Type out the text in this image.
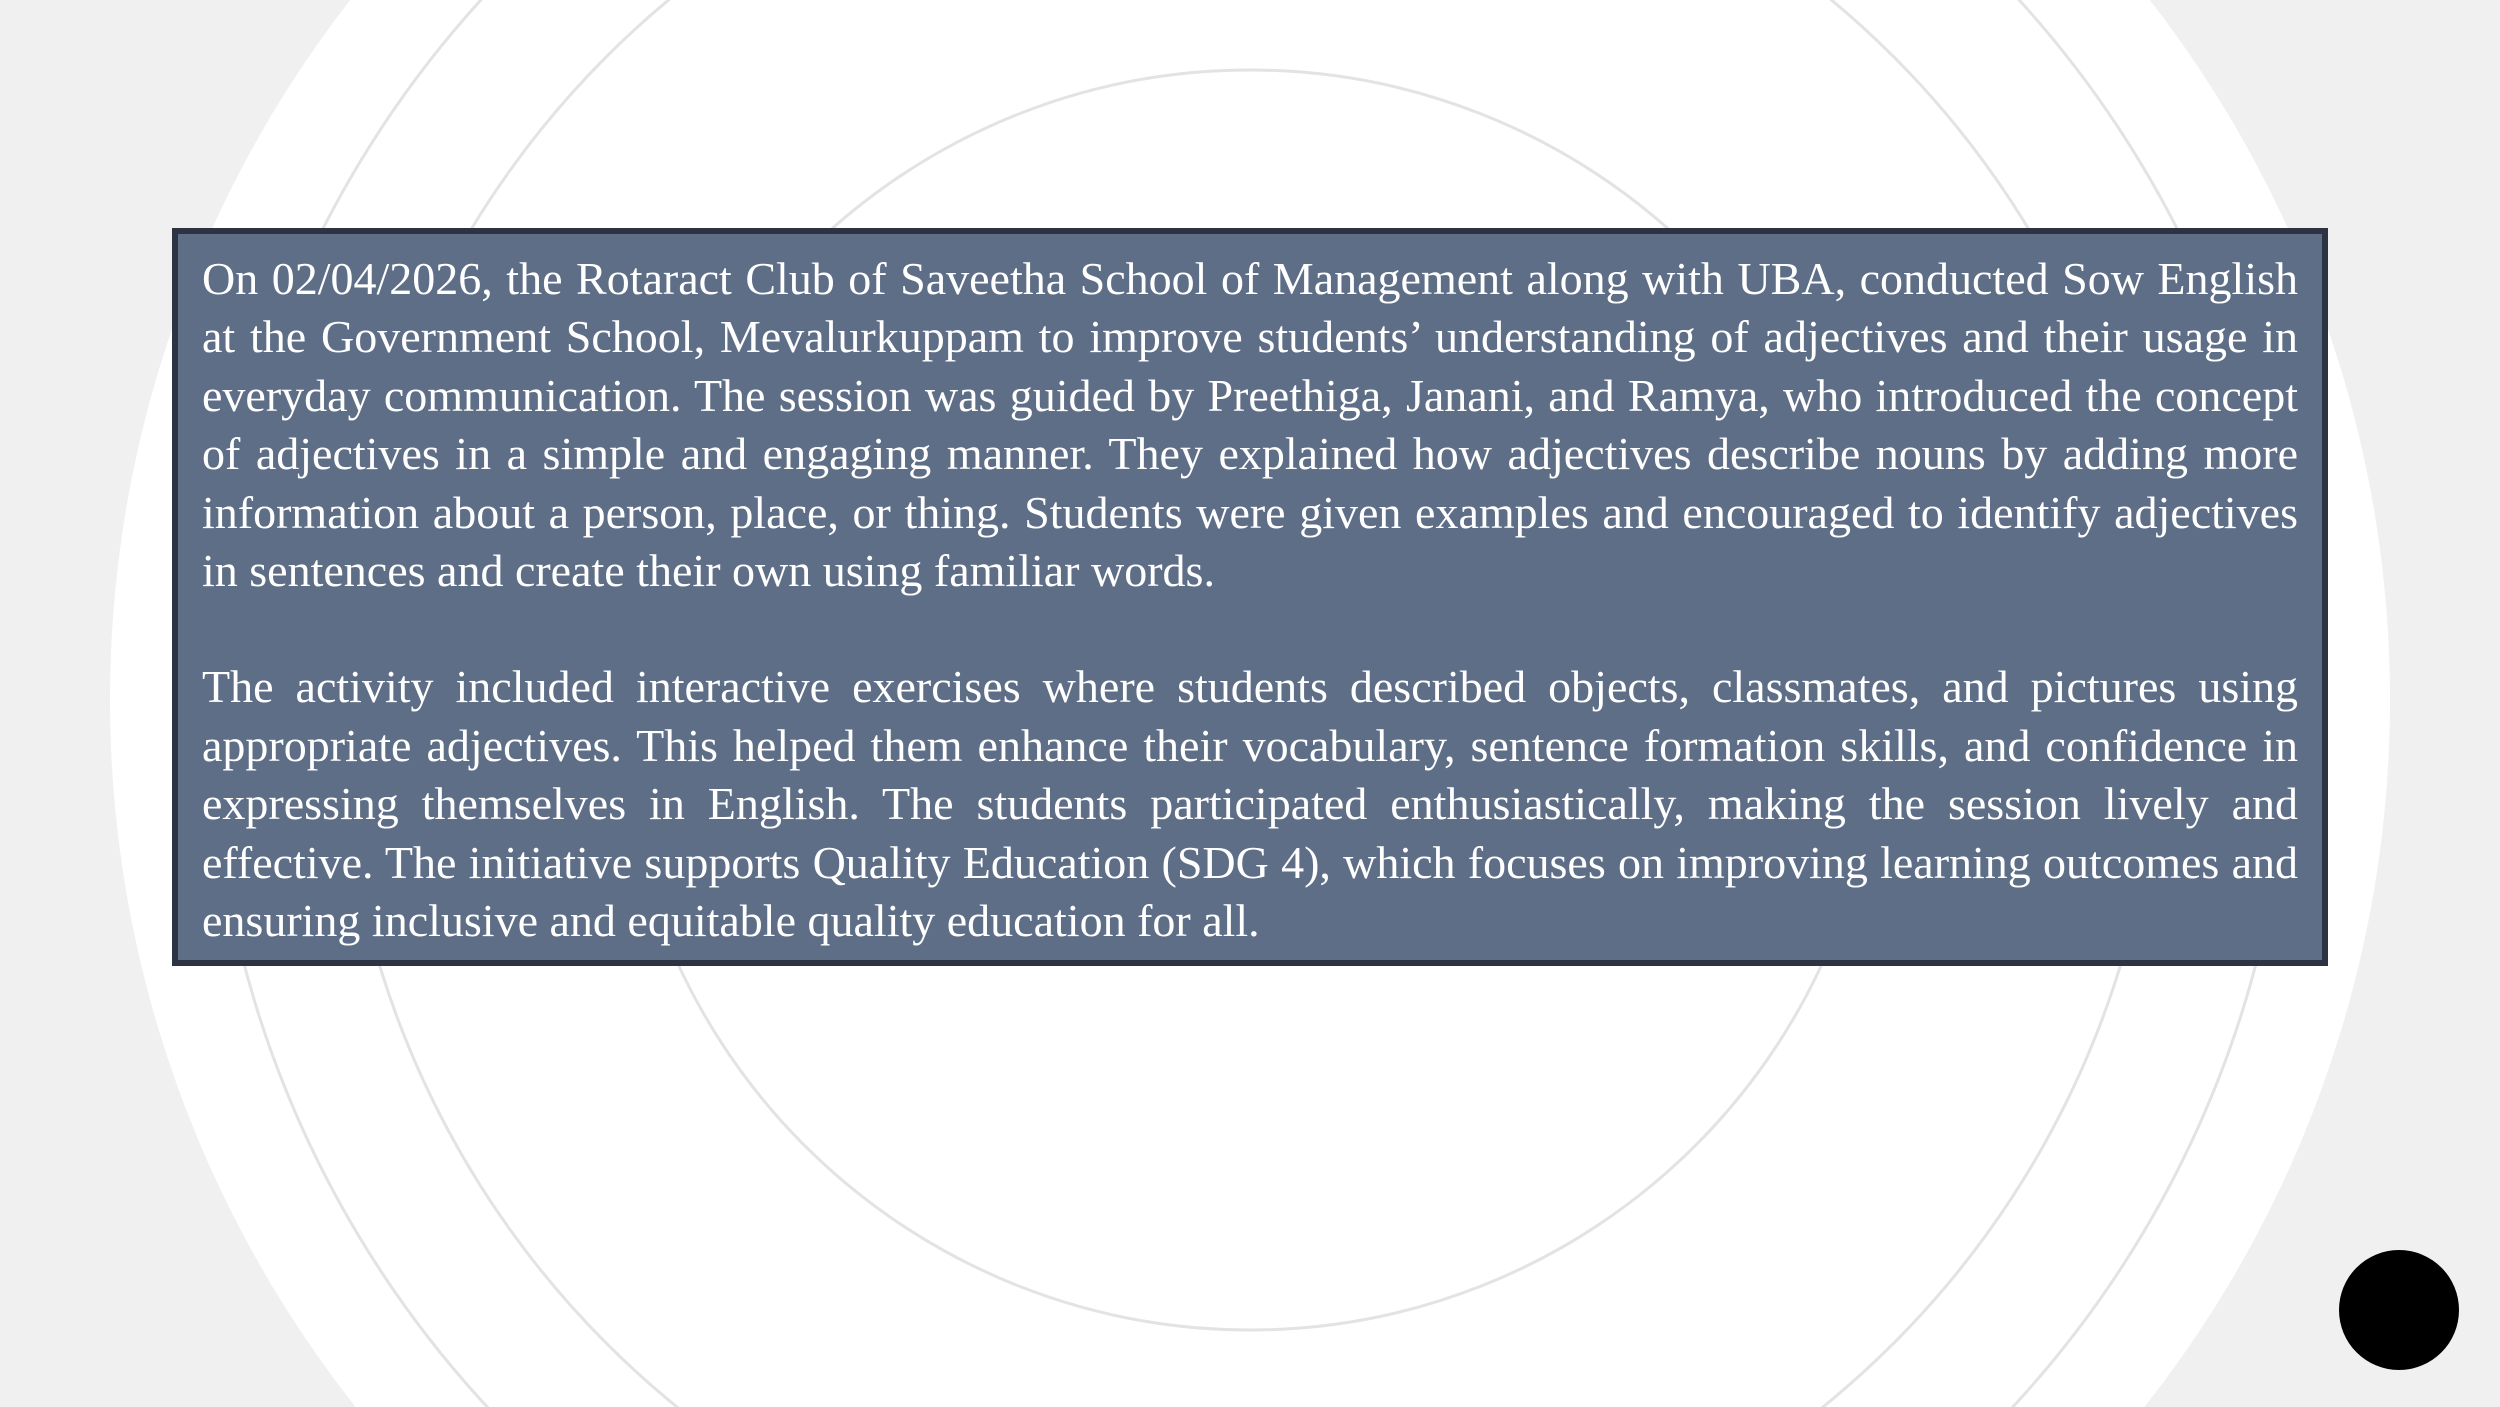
On 02/04/2026, the Rotaract Club of Saveetha School of Management along with UBA, conducted Sow English at the Government School, Mevalurkuppam to improve students’ understanding of adjectives and their usage in everyday communication. The session was guided by Preethiga, Janani, and Ramya, who introduced the concept of adjectives in a simple and engaging manner. They explained how adjectives describe nouns by adding more information about a person, place, or thing. Students were given examples and encouraged to identify adjectives in sentences and create their own using familiar words.

The activity included interactive exercises where students described objects, classmates, and pictures using appropriate adjectives. This helped them enhance their vocabulary, sentence formation skills, and confidence in expressing themselves in English. The students participated enthusiastically, making the session lively and effective. The initiative supports Quality Education (SDG 4), which focuses on improving learning outcomes and ensuring inclusive and equitable quality education for all.
